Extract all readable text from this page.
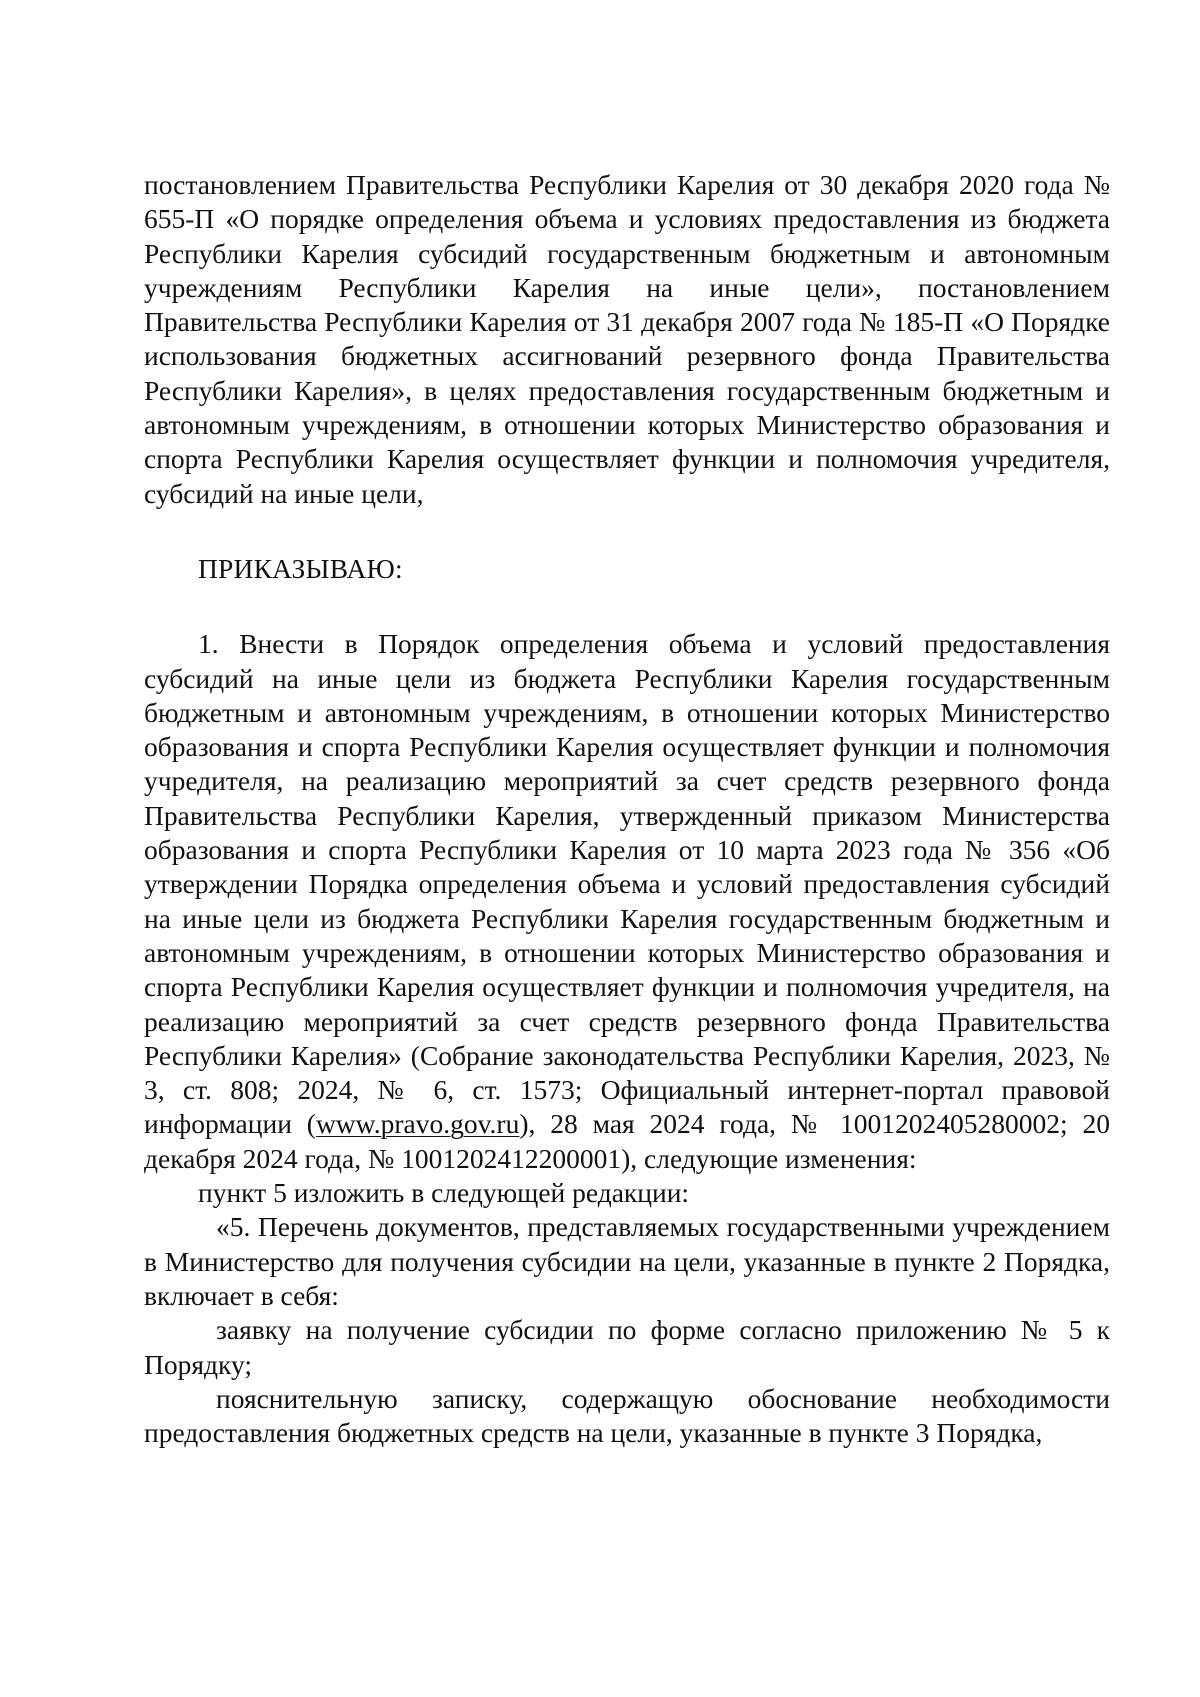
постановлением Правительства Республики Карелия от 30 декабря 2020 года № 655-П «О порядке определения объема и условиях предоставления из бюджета Республики Карелия субсидий государственным бюджетным и автономным учреждениям Республики Карелия на иные цели», постановлением Правительства Республики Карелия от 31 декабря 2007 года № 185-П «О Порядке использования бюджетных ассигнований резервного фонда Правительства Республики Карелия», в целях предоставления государственным бюджетным и автономным учреждениям, в отношении которых Министерство образования и спорта Республики Карелия осуществляет функции и полномочия учредителя, субсидий на иные цели,

ПРИКАЗЫВАЮ:

1. Внести в Порядок определения объема и условий предоставления субсидий на иные цели из бюджета Республики Карелия государственным бюджетным и автономным учреждениям, в отношении которых Министерство образования и спорта Республики Карелия осуществляет функции и полномочия учредителя, на реализацию мероприятий за счет средств резервного фонда Правительства Республики Карелия, утвержденный приказом Министерства образования и спорта Республики Карелия от 10 марта 2023 года № 356 «Об утверждении Порядка определения объема и условий предоставления субсидий на иные цели из бюджета Республики Карелия государственным бюджетным и автономным учреждениям, в отношении которых Министерство образования и спорта Республики Карелия осуществляет функции и полномочия учредителя, на реализацию мероприятий за счет средств резервного фонда Правительства Республики Карелия» (Собрание законодательства Республики Карелия, 2023, № 3, ст. 808; 2024, № 6, ст. 1573; Официальный интернет-портал правовой информации (www.pravo.gov.ru), 28 мая 2024 года, № 1001202405280002; 20 декабря 2024 года, № 1001202412200001), следующие изменения:

пункт 5 изложить в следующей редакции:

«5. Перечень документов, представляемых государственными учреждением в Министерство для получения субсидии на цели, указанные в пункте 2 Порядка, включает в себя:

заявку на получение субсидии по форме согласно приложению № 5 к Порядку;

пояснительную записку, содержащую обоснование необходимости предоставления бюджетных средств на цели, указанные в пункте 3 Порядка,
